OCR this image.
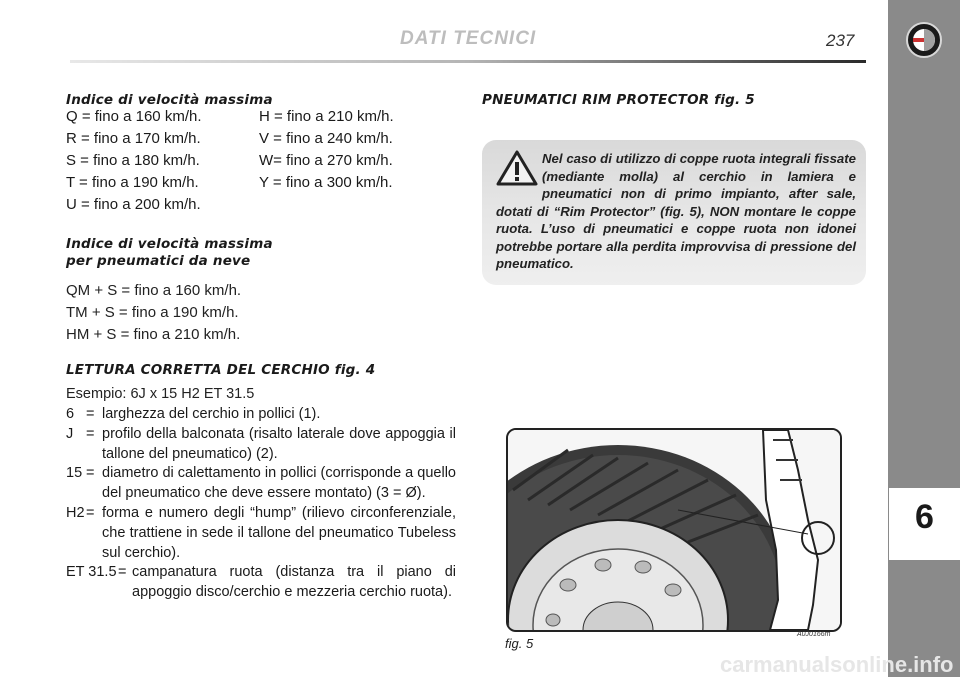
6
DATI TECNICI	237
Indice di velocità massima
Q = fino a 160 km/h.	H = fino a 210 km/h.
R = fino a 170 km/h.	V = fino a 240 km/h.
S = fino a 180 km/h.	W= fino a 270 km/h.
T = fino a 190 km/h.	Y = fino a 300 km/h.
U = fino a 200 km/h.
Indice di velocità massima
per pneumatici da neve
QM + S = fino a 160 km/h.
TM + S = fino a 190 km/h.
HM + S = fino a 210 km/h.
LETTURA CORRETTA DEL CERCHIO fig. 4
Esempio: 6J x 15 H2 ET 31.5
6 = larghezza del cerchio in pollici (1).
J = profilo della balconata (risalto laterale dove appoggia il tallone del pneumatico) (2).
15 = diametro di calettamento in pollici (corrisponde a quello del pneumatico che deve essere montato) (3 = Ø).
H2 = forma e numero degli “hump” (rilievo circonferenziale, che trattiene in sede il tallone del pneumatico Tubeless sul cerchio).
ET 31.5 = campanatura ruota (distanza tra il piano di appoggio disco/cerchio e mezzeria cerchio ruota).
PNEUMATICI RIM PROTECTOR fig. 5
Nel caso di utilizzo di coppe ruota integrali fissate (mediante molla) al cerchio in lamiera e pneumatici non di primo impianto, after sale, dotati di “Rim Protector” (fig. 5), NON montare le coppe ruota. L’uso di pneumatici e coppe ruota non idonei potrebbe portare alla perdita improvvisa di pressione del pneumatico.
fig. 5
A0J0166m
carmanualsonline.info
